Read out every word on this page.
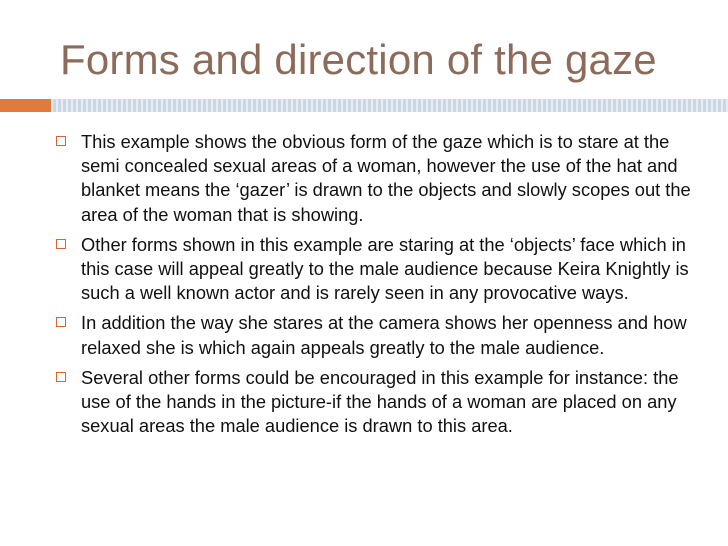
Forms and direction of the gaze
This example shows the obvious form of the gaze which is to stare at the semi concealed sexual areas of a woman, however the use of the hat and blanket means the ‘gazer’ is drawn to the objects and slowly scopes out the area of the woman that is showing.
Other forms shown in this example are staring at the ‘objects’ face which in this case will appeal greatly to the male audience because Keira Knightly is such a well known actor and is rarely seen in any provocative ways.
In addition the way she stares at the camera shows her openness and how relaxed she is which again appeals greatly to the male audience.
Several other forms could be encouraged in this example for instance: the use of the hands in the picture-if the hands of a woman are placed on any sexual areas the male audience is drawn to this area.
